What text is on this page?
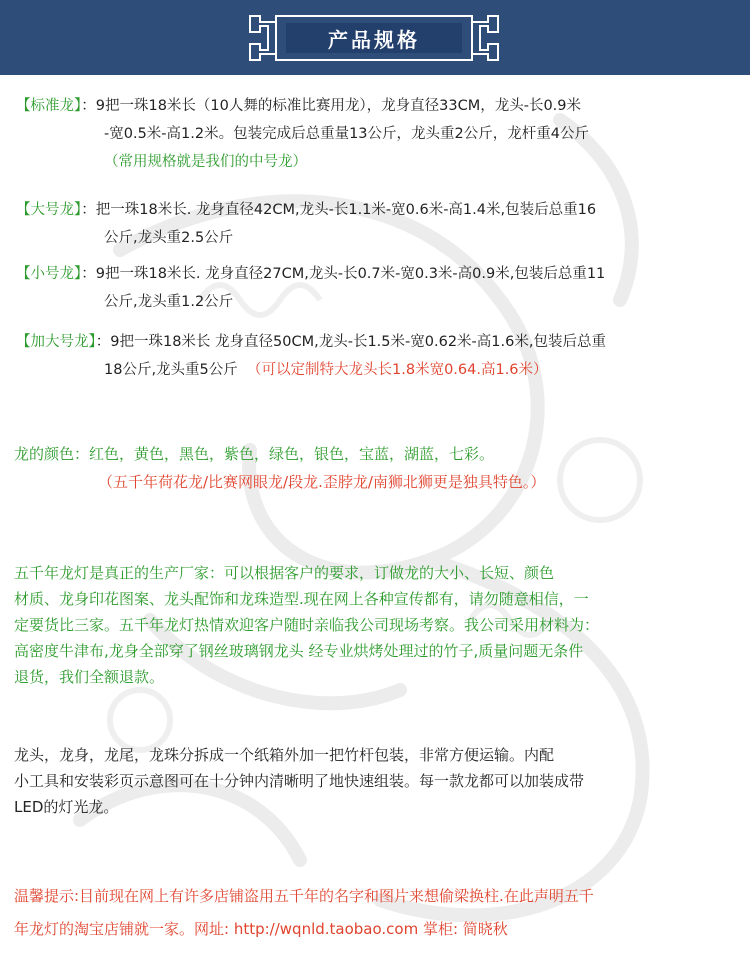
产品规格
【标准龙】：9把一珠18米长（10人舞的标准比赛用龙），龙身直径33CM，龙头-长0.9米
-宽0.5米-高1.2米。包装完成后总重量13公斤，龙头重2公斤，龙杆重4公斤
（常用规格就是我们的中号龙）
【大号龙】：把一珠18米长. 龙身直径42CM,龙头-长1.1米-宽0.6米-高1.4米,包装后总重16
公斤,龙头重2.5公斤
【小号龙】：9把一珠18米长. 龙身直径27CM,龙头-长0.7米-宽0.3米-高0.9米,包装后总重11
公斤,龙头重1.2公斤
【加大号龙】：9把一珠18米长 龙身直径50CM,龙头-长1.5米-宽0.62米-高1.6米,包装后总重
18公斤,龙头重5公斤 （可以定制特大龙头长1.8米宽0.64.高1.6米）
龙的颜色：红色，黄色，黑色，紫色，绿色，银色，宝蓝，湖蓝，七彩。
（五千年荷花龙/比赛网眼龙/段龙.歪脖龙/南狮北狮更是独具特色。）
五千年龙灯是真正的生产厂家：可以根据客户的要求，订做龙的大小、长短、颜色
材质、龙身印花图案、龙头配饰和龙珠造型.现在网上各种宣传都有，请勿随意相信，一
定要货比三家。五千年龙灯热情欢迎客户随时亲临我公司现场考察。我公司采用材料为：
高密度牛津布,龙身全部穿了钢丝玻璃钢龙头 经专业烘烤处理过的竹子,质量问题无条件
退货，我们全额退款。
龙头，龙身，龙尾，龙珠分拆成一个纸箱外加一把竹杆包装，非常方便运输。内配
小工具和安装彩页示意图可在十分钟内清晰明了地快速组装。每一款龙都可以加装成带
LED的灯光龙。
温馨提示:目前现在网上有许多店铺盗用五千年的名字和图片来想偷梁换柱.在此声明五千
年龙灯的淘宝店铺就一家。网址: http://wqnld.taobao.com 掌柜: 简晓秋
